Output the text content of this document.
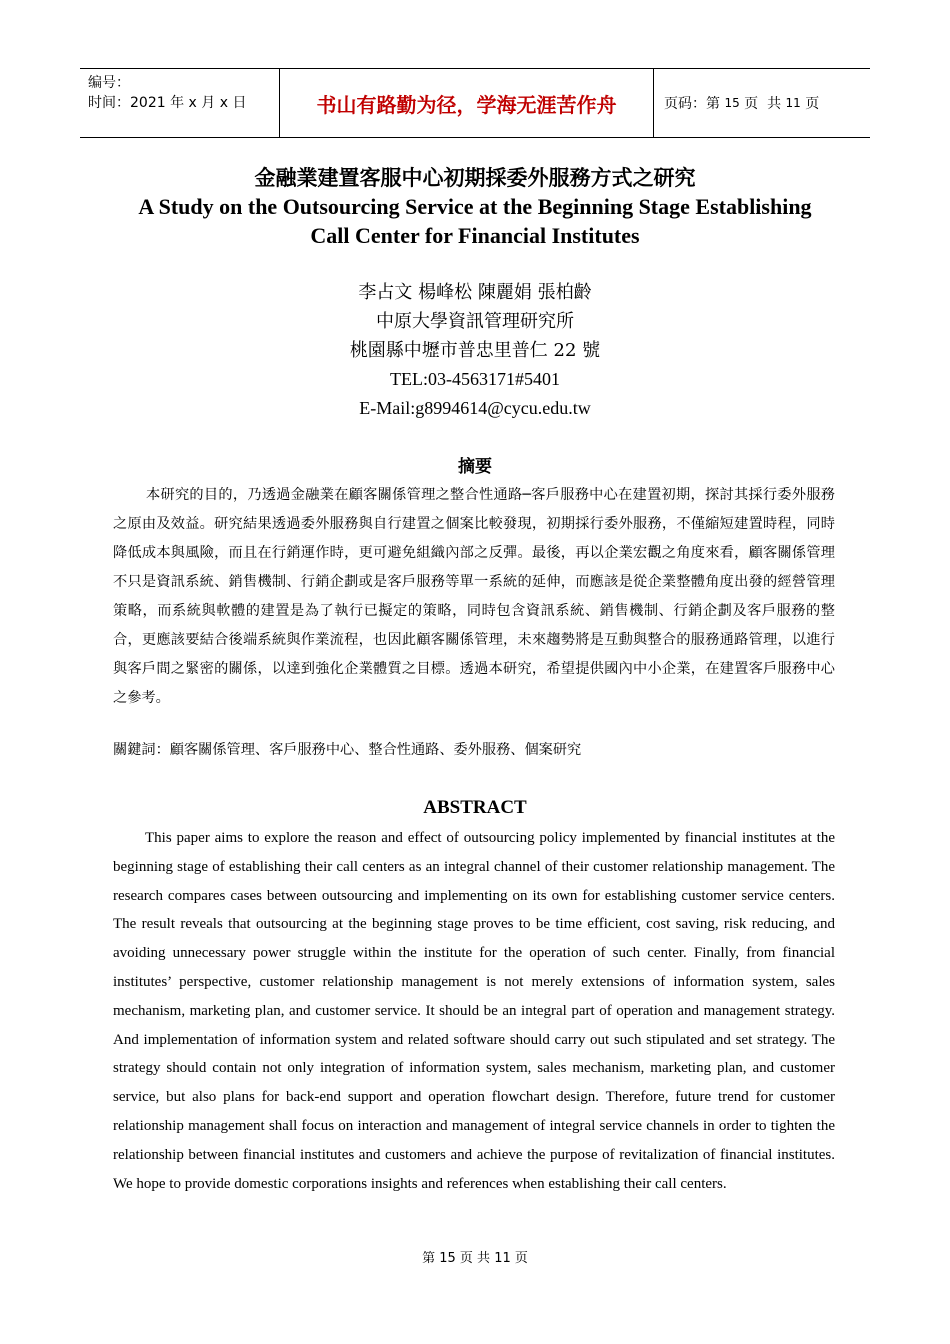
编号：
时间：2021 年 x 月 x 日	书山有路勤为径，学海无涯苦作舟	页码：第 15 页  共 11 页
金融業建置客服中心初期採委外服務方式之研究
A Study on the Outsourcing Service at the Beginning Stage Establishing
Call Center for Financial Institutes
李占文 楊峰松 陳麗娟 張柏齡
中原大學資訊管理研究所
桃園縣中壢市普忠里普仁 22 號
TEL:03-4563171#5401
E-Mail:g8994614@cycu.edu.tw
摘要

本研究的目的，乃透過金融業在顧客關係管理之整合性通路─客戶服務中心在建置初期，探討其採行委外服務之原由及效益。研究結果透過委外服務與自行建置之個案比較發現，初期採行委外服務，不僅縮短建置時程，同時降低成本與風險，而且在行銷運作時，更可避免組織內部之反彈。最後，再以企業宏觀之角度來看，顧客關係管理不只是資訊系統、銷售機制、行銷企劃或是客戶服務等單一系統的延伸，而應該是從企業整體角度出發的經營管理策略，而系統與軟體的建置是為了執行已擬定的策略，同時包含資訊系統、銷售機制、行銷企劃及客戶服務的整合，更應該要結合後端系統與作業流程，也因此顧客關係管理，未來趨勢將是互動與整合的服務通路管理，以進行與客戶間之緊密的關係，以達到強化企業體質之目標。透過本研究，希望提供國內中小企業，在建置客戶服務中心之參考。

關鍵詞：顧客關係管理、客戶服務中心、整合性通路、委外服務、個案研究
ABSTRACT

This paper aims to explore the reason and effect of outsourcing policy implemented by financial institutes at the beginning stage of establishing their call centers as an integral channel of their customer relationship management. The research compares cases between outsourcing and implementing on its own for establishing customer service centers. The result reveals that outsourcing at the beginning stage proves to be time efficient, cost saving, risk reducing, and avoiding unnecessary power struggle within the institute for the operation of such center. Finally, from financial institutes’ perspective, customer relationship management is not merely extensions of information system, sales mechanism, marketing plan, and customer service. It should be an integral part of operation and management strategy. And implementation of information system and related software should carry out such stipulated and set strategy. The strategy should contain not only integration of information system, sales mechanism, marketing plan, and customer service, but also plans for back-end support and operation flowchart design. Therefore, future trend for customer relationship management shall focus on interaction and management of integral service channels in order to tighten the relationship between financial institutes and customers and achieve the purpose of revitalization of financial institutes. We hope to provide domestic corporations insights and references when establishing their call centers.

第 15 页 共 11 页
